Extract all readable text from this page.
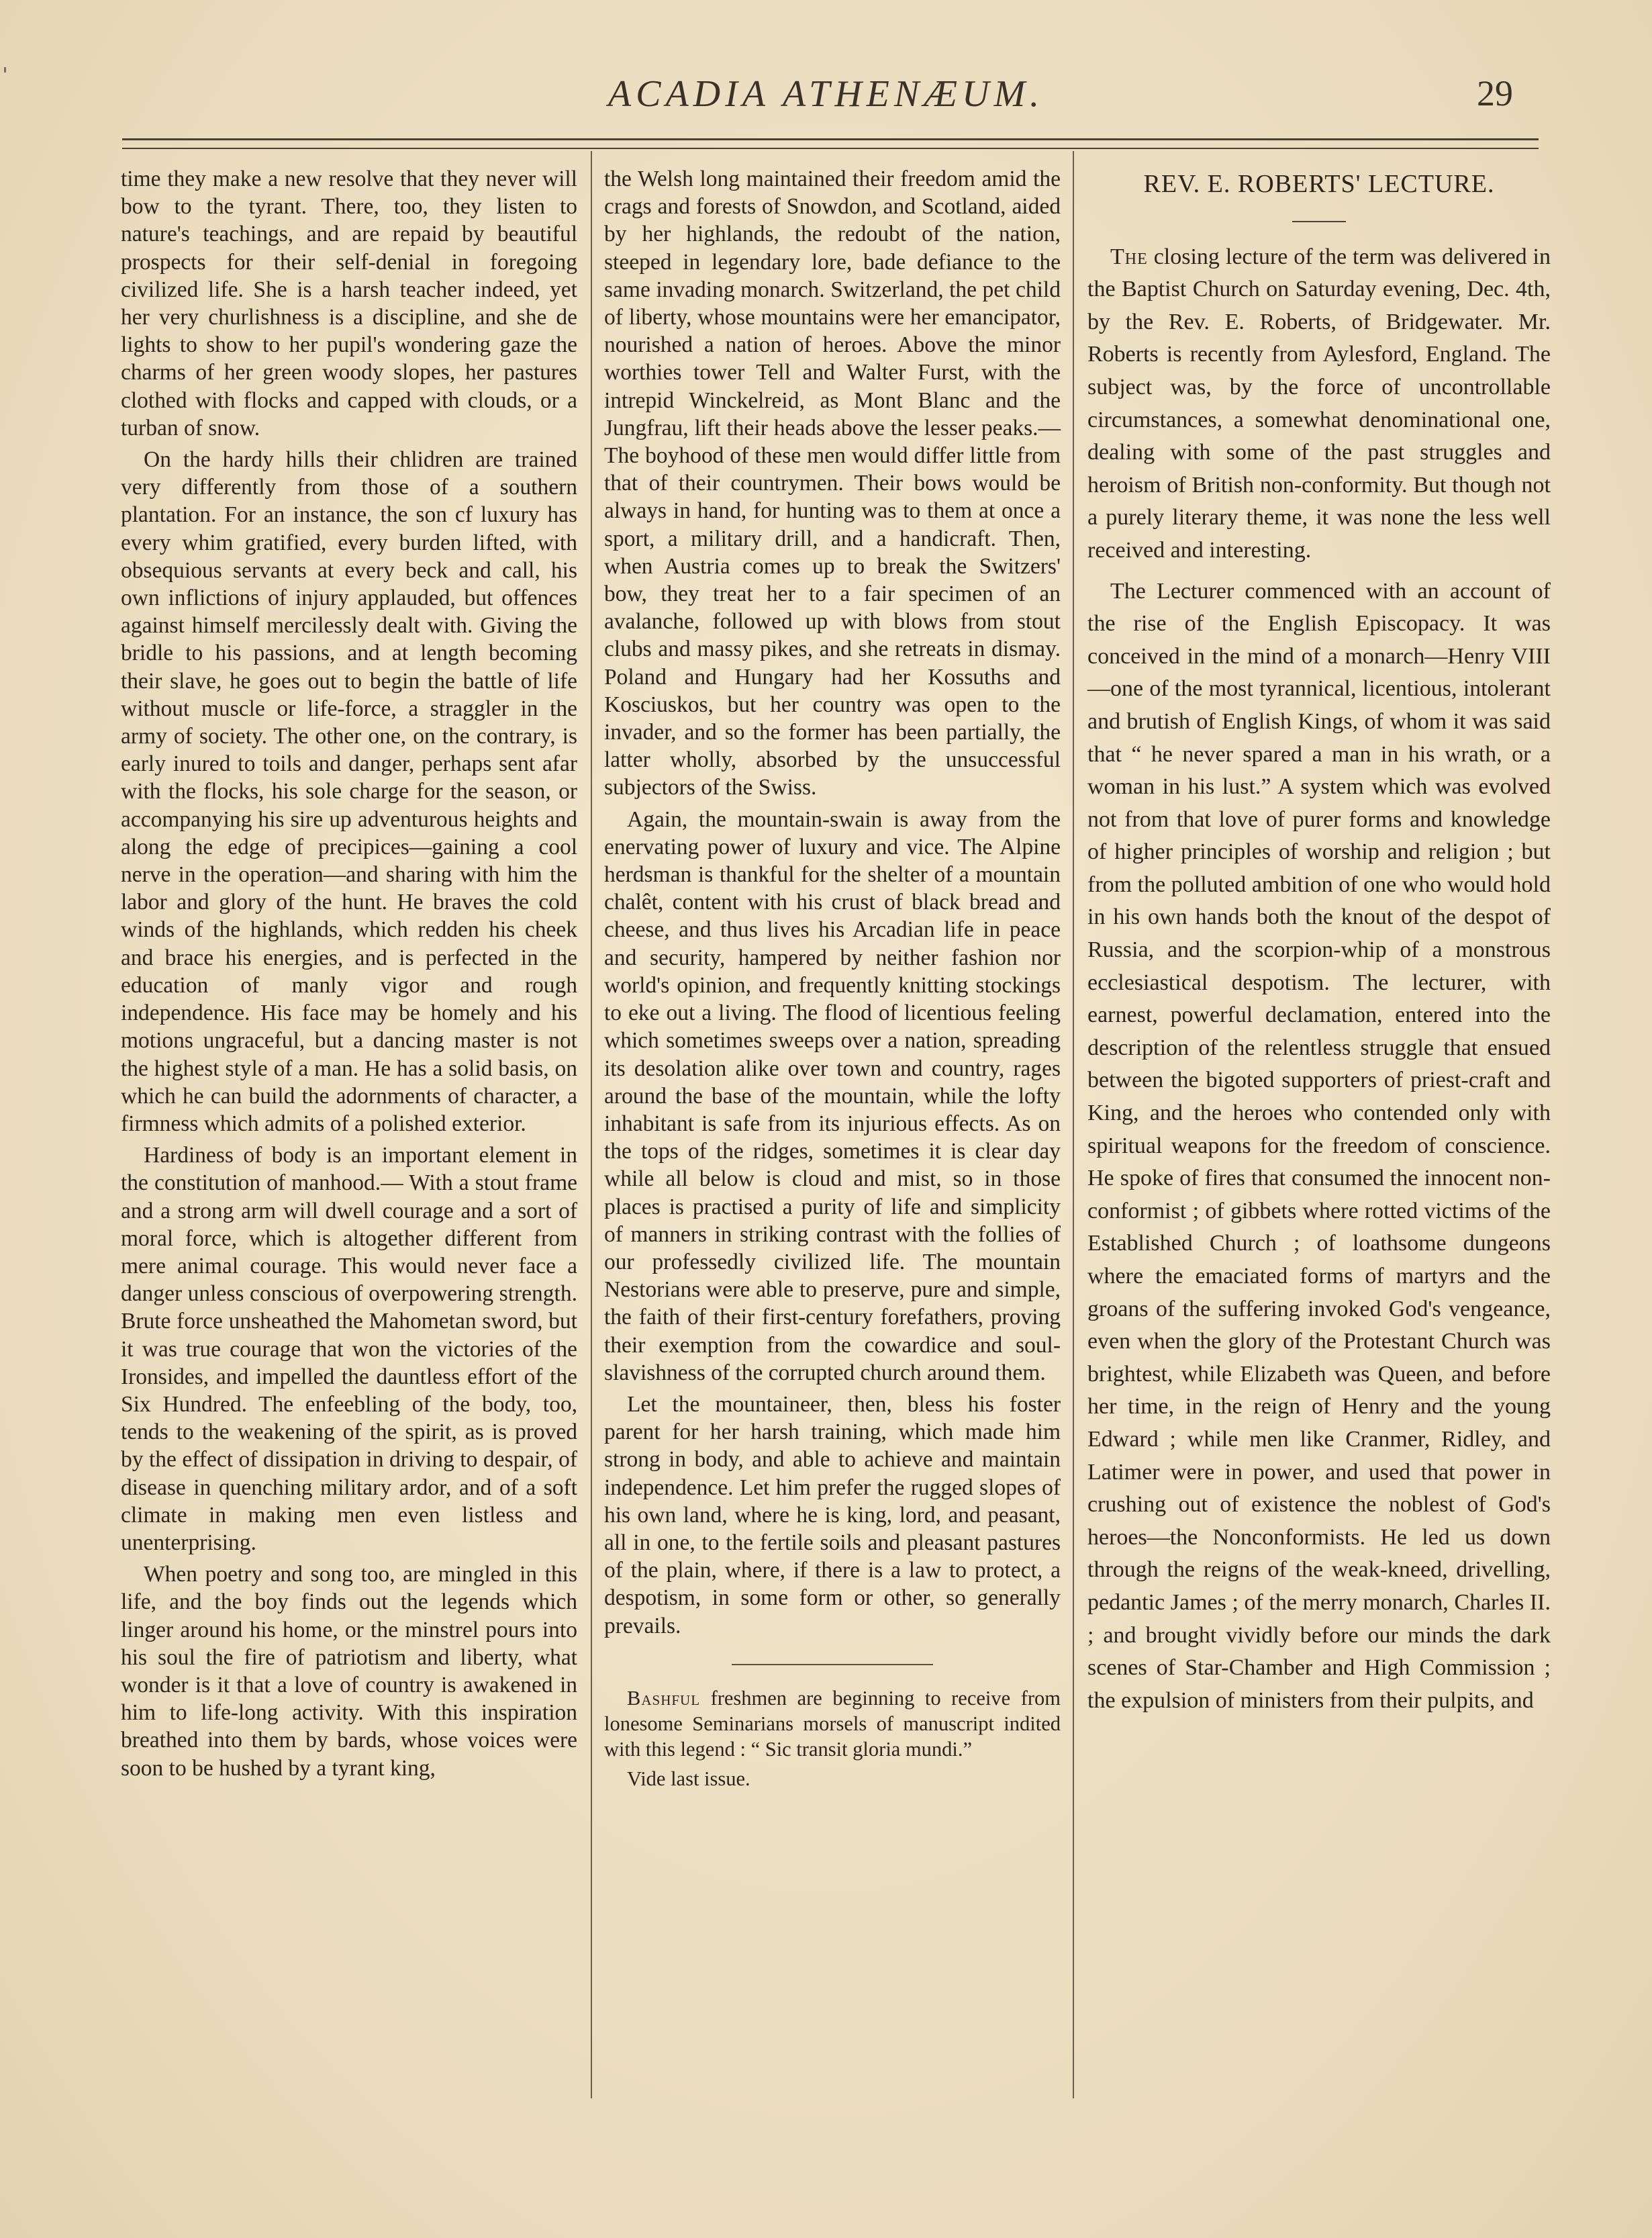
ACADIA ATHENÆUM.	29

time they make a new resolve that they never will bow to the tyrant. There, too, they listen to nature's teachings, and are repaid by beautiful prospects for their self-denial in foregoing civilized life. She is a harsh teacher indeed, yet her very churlishness is a discipline, and she de lights to show to her pupil's wondering gaze the charms of her green woody slopes, her pastures clothed with flocks and capped with clouds, or a turban of snow.

On the hardy hills their chlidren are trained very differently from those of a southern plantation. For an instance, the son cf luxury has every whim gratified, every burden lifted, with obsequious servants at every beck and call, his own inflictions of injury applauded, but offences against himself mercilessly dealt with. Giving the bridle to his passions, and at length becoming their slave, he goes out to begin the battle of life without muscle or life-force, a straggler in the army of society. The other one, on the contrary, is early inured to toils and danger, perhaps sent afar with the flocks, his sole charge for the season, or accompanying his sire up adventurous heights and along the edge of precipices—gaining a cool nerve in the operation—and sharing with him the labor and glory of the hunt. He braves the cold winds of the highlands, which redden his cheek and brace his energies, and is perfected in the education of manly vigor and rough independence. His face may be homely and his motions ungraceful, but a dancing master is not the highest style of a man. He has a solid basis, on which he can build the adornments of character, a firmness which admits of a polished exterior.

Hardiness of body is an important element in the constitution of manhood.— With a stout frame and a strong arm will dwell courage and a sort of moral force, which is altogether different from mere animal courage. This would never face a danger unless conscious of overpowering strength. Brute force unsheathed the Mahometan sword, but it was true courage that won the victories of the Ironsides, and impelled the dauntless effort of the Six Hundred. The enfeebling of the body, too, tends to the weakening of the spirit, as is proved by the effect of dissipation in driving to despair, of disease in quenching military ardor, and of a soft climate in making men even listless and unenterprising.

When poetry and song too, are mingled in this life, and the boy finds out the legends which linger around his home, or the minstrel pours into his soul the fire of patriotism and liberty, what wonder is it that a love of country is awakened in him to life-long activity. With this inspiration breathed into them by bards, whose voices were soon to be hushed by a tyrant king,

the Welsh long maintained their freedom amid the crags and forests of Snowdon, and Scotland, aided by her highlands, the redoubt of the nation, steeped in legendary lore, bade defiance to the same invading monarch. Switzerland, the pet child of liberty, whose mountains were her emancipator, nourished a nation of heroes. Above the minor worthies tower Tell and Walter Furst, with the intrepid Winckelreid, as Mont Blanc and the Jungfrau, lift their heads above the lesser peaks.— The boyhood of these men would differ little from that of their countrymen. Their bows would be always in hand, for hunting was to them at once a sport, a military drill, and a handicraft. Then, when Austria comes up to break the Switzers' bow, they treat her to a fair specimen of an avalanche, followed up with blows from stout clubs and massy pikes, and she retreats in dismay. Poland and Hungary had her Kossuths and Kosciuskos, but her country was open to the invader, and so the former has been partially, the latter wholly, absorbed by the unsuccessful subjectors of the Swiss.

Again, the mountain-swain is away from the enervating power of luxury and vice. The Alpine herdsman is thankful for the shelter of a mountain chalêt, content with his crust of black bread and cheese, and thus lives his Arcadian life in peace and security, hampered by neither fashion nor world's opinion, and frequently knitting stockings to eke out a living. The flood of licentious feeling which sometimes sweeps over a nation, spreading its desolation alike over town and country, rages around the base of the mountain, while the lofty inhabitant is safe from its injurious effects. As on the tops of the ridges, sometimes it is clear day while all below is cloud and mist, so in those places is practised a purity of life and simplicity of manners in striking contrast with the follies of our professedly civilized life. The mountain Nestorians were able to preserve, pure and simple, the faith of their first-century forefathers, proving their exemption from the cowardice and soul-slavishness of the corrupted church around them.

Let the mountaineer, then, bless his foster parent for her harsh training, which made him strong in body, and able to achieve and maintain independence. Let him prefer the rugged slopes of his own land, where he is king, lord, and peasant, all in one, to the fertile soils and pleasant pastures of the plain, where, if there is a law to protect, a despotism, in some form or other, so generally prevails.

Bashful freshmen are beginning to receive from lonesome Seminarians morsels of manuscript indited with this legend : “ Sic transit gloria mundi.”

Vide last issue.

REV. E. ROBERTS' LECTURE.

The closing lecture of the term was delivered in the Baptist Church on Saturday evening, Dec. 4th, by the Rev. E. Roberts, of Bridgewater. Mr. Roberts is recently from Aylesford, England. The subject was, by the force of uncontrollable circumstances, a somewhat denominational one, dealing with some of the past struggles and heroism of British non-conformity. But though not a purely literary theme, it was none the less well received and interesting.

The Lecturer commenced with an account of the rise of the English Episcopacy. It was conceived in the mind of a monarch—Henry VIII—one of the most tyrannical, licentious, intolerant and brutish of English Kings, of whom it was said that “ he never spared a man in his wrath, or a woman in his lust.” A system which was evolved not from that love of purer forms and knowledge of higher principles of worship and religion ; but from the polluted ambition of one who would hold in his own hands both the knout of the despot of Russia, and the scorpion-whip of a monstrous ecclesiastical despotism. The lecturer, with earnest, powerful declamation, entered into the description of the relentless struggle that ensued between the bigoted supporters of priest-craft and King, and the heroes who contended only with spiritual weapons for the freedom of conscience. He spoke of fires that consumed the innocent non-conformist ; of gibbets where rotted victims of the Established Church ; of loathsome dungeons where the emaciated forms of martyrs and the groans of the suffering invoked God's vengeance, even when the glory of the Protestant Church was brightest, while Elizabeth was Queen, and before her time, in the reign of Henry and the young Edward ; while men like Cranmer, Ridley, and Latimer were in power, and used that power in crushing out of existence the noblest of God's heroes—the Nonconformists. He led us down through the reigns of the weak-kneed, drivelling, pedantic James ; of the merry monarch, Charles II. ; and brought vividly before our minds the dark scenes of Star-Chamber and High Commission ; the expulsion of ministers from their pulpits, and
